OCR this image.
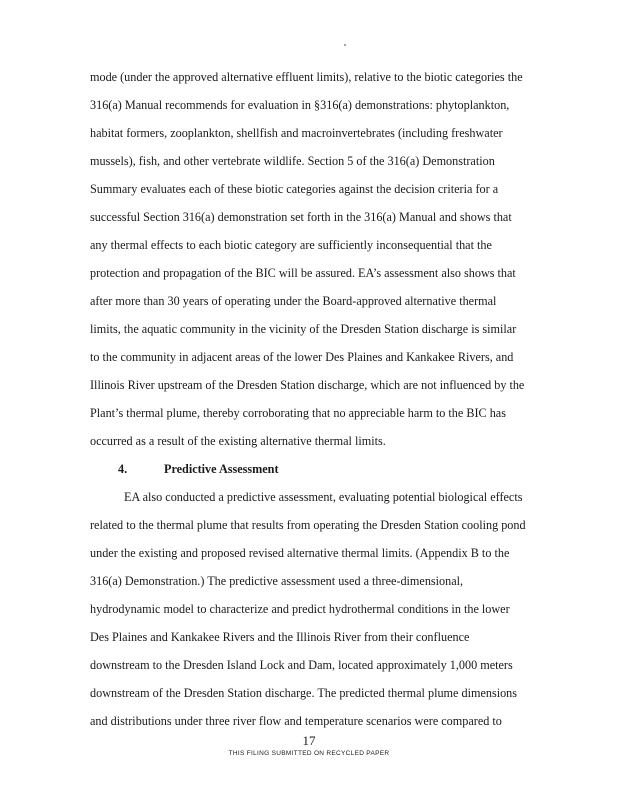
mode (under the approved alternative effluent limits), relative to the biotic categories the
316(a) Manual recommends for evaluation in §316(a) demonstrations: phytoplankton,
habitat formers, zooplankton, shellfish and macroinvertebrates (including freshwater
mussels), fish, and other vertebrate wildlife. Section 5 of the 316(a) Demonstration
Summary evaluates each of these biotic categories against the decision criteria for a
successful Section 316(a) demonstration set forth in the 316(a) Manual and shows that
any thermal effects to each biotic category are sufficiently inconsequential that the
protection and propagation of the BIC will be assured. EA’s assessment also shows that
after more than 30 years of operating under the Board-approved alternative thermal
limits, the aquatic community in the vicinity of the Dresden Station discharge is similar
to the community in adjacent areas of the lower Des Plaines and Kankakee Rivers, and
Illinois River upstream of the Dresden Station discharge, which are not influenced by the
Plant’s thermal plume, thereby corroborating that no appreciable harm to the BIC has
occurred as a result of the existing alternative thermal limits.
4.	Predictive Assessment
EA also conducted a predictive assessment, evaluating potential biological effects
related to the thermal plume that results from operating the Dresden Station cooling pond
under the existing and proposed revised alternative thermal limits. (Appendix B to the
316(a) Demonstration.) The predictive assessment used a three-dimensional,
hydrodynamic model to characterize and predict hydrothermal conditions in the lower
Des Plaines and Kankakee Rivers and the Illinois River from their confluence
downstream to the Dresden Island Lock and Dam, located approximately 1,000 meters
downstream of the Dresden Station discharge. The predicted thermal plume dimensions
and distributions under three river flow and temperature scenarios were compared to
17
THIS FILING SUBMITTED ON RECYCLED PAPER
